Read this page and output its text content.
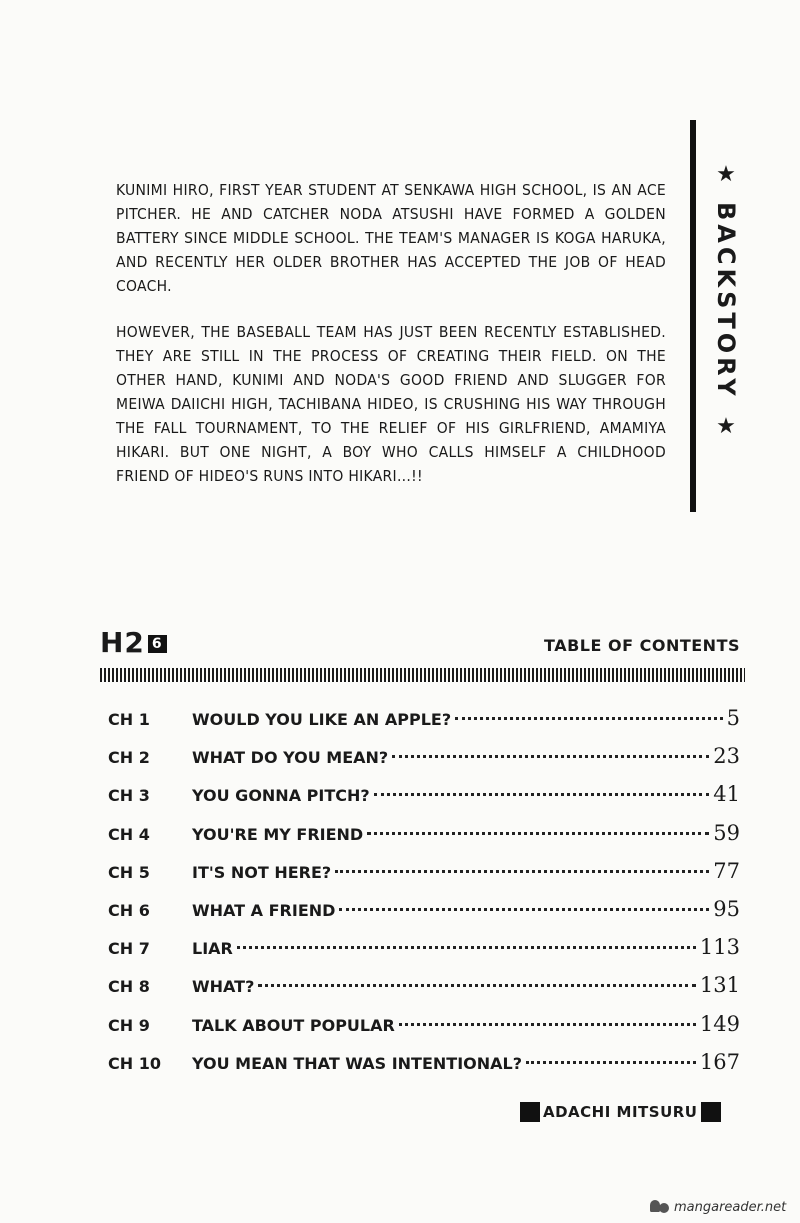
KUNIMI HIRO, FIRST YEAR STUDENT AT SENKAWA HIGH SCHOOL, IS AN ACE PITCHER. HE AND CATCHER NODA ATSUSHI HAVE FORMED A GOLDEN BATTERY SINCE MIDDLE SCHOOL. THE TEAM'S MANAGER IS KOGA HARUKA, AND RECENTLY HER OLDER BROTHER HAS ACCEPTED THE JOB OF HEAD COACH.

HOWEVER, THE BASEBALL TEAM HAS JUST BEEN RECENTLY ESTABLISHED. THEY ARE STILL IN THE PROCESS OF CREATING THEIR FIELD. ON THE OTHER HAND, KUNIMI AND NODA'S GOOD FRIEND AND SLUGGER FOR MEIWA DAIICHI HIGH, TACHIBANA HIDEO, IS CRUSHING HIS WAY THROUGH THE FALL TOURNAMENT, TO THE RELIEF OF HIS GIRLFRIEND, AMAMIYA HIKARI. BUT ONE NIGHT, A BOY WHO CALLS HIMSELF A CHILDHOOD FRIEND OF HIDEO'S RUNS INTO HIKARI...!!

★
BACKSTORY
★
H2 6	TABLE OF CONTENTS
CH 1	WOULD YOU LIKE AN APPLE?	5
CH 2	WHAT DO YOU MEAN?	23
CH 3	YOU GONNA PITCH?	41
CH 4	YOU'RE MY FRIEND	59
CH 5	IT'S NOT HERE?	77
CH 6	WHAT A FRIEND	95
CH 7	LIAR	113
CH 8	WHAT?	131
CH 9	TALK ABOUT POPULAR	149
CH 10	YOU MEAN THAT WAS INTENTIONAL?	167
ADACHI MITSURU
mangareader.net
